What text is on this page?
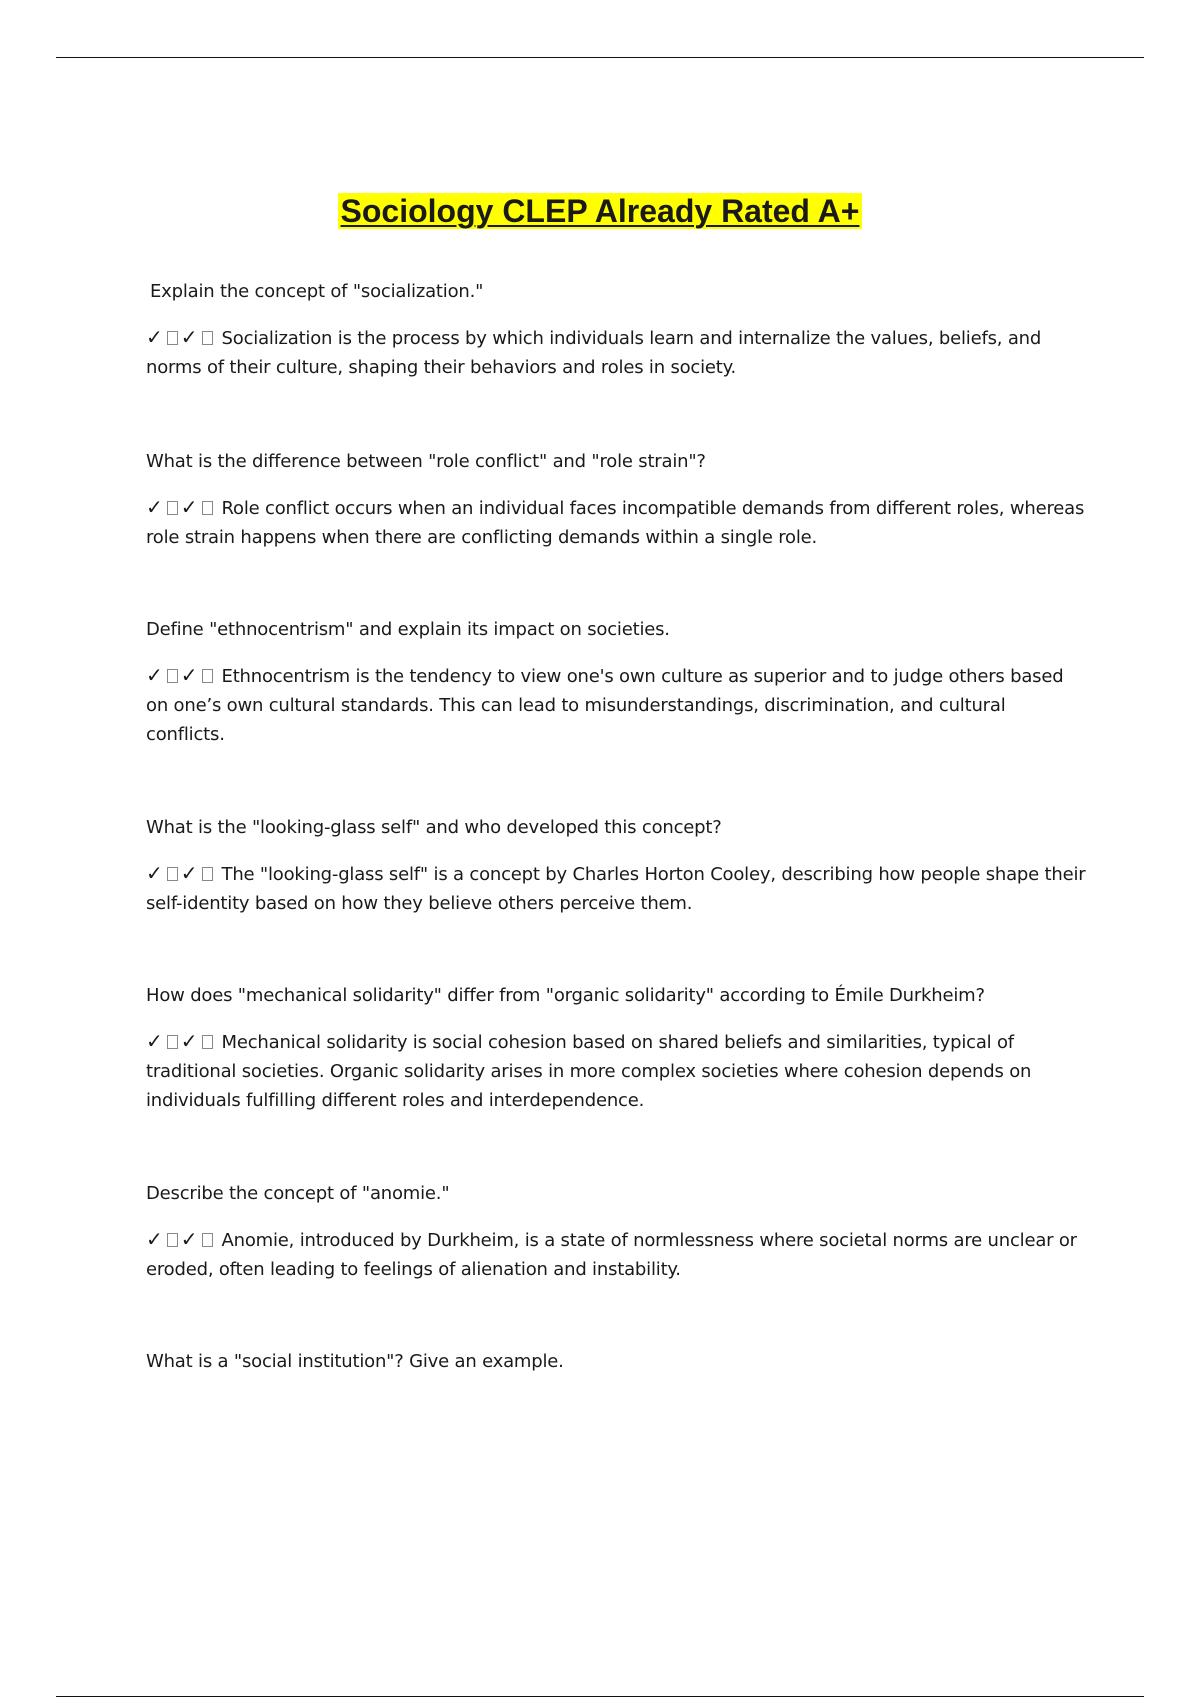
Sociology CLEP Already Rated A+

Explain the concept of "socialization."

✓ ✓ Socialization is the process by which individuals learn and internalize the values, beliefs, and norms of their culture, shaping their behaviors and roles in society.

What is the difference between "role conflict" and "role strain"?

✓ ✓ Role conflict occurs when an individual faces incompatible demands from different roles, whereas role strain happens when there are conflicting demands within a single role.

Define "ethnocentrism" and explain its impact on societies.

✓ ✓ Ethnocentrism is the tendency to view one's own culture as superior and to judge others based on one’s own cultural standards. This can lead to misunderstandings, discrimination, and cultural conflicts.

What is the "looking-glass self" and who developed this concept?

✓ ✓ The "looking-glass self" is a concept by Charles Horton Cooley, describing how people shape their self-identity based on how they believe others perceive them.

How does "mechanical solidarity" differ from "organic solidarity" according to Émile Durkheim?

✓ ✓ Mechanical solidarity is social cohesion based on shared beliefs and similarities, typical of traditional societies. Organic solidarity arises in more complex societies where cohesion depends on individuals fulfilling different roles and interdependence.

Describe the concept of "anomie."

✓ ✓ Anomie, introduced by Durkheim, is a state of normlessness where societal norms are unclear or eroded, often leading to feelings of alienation and instability.

What is a "social institution"? Give an example.
